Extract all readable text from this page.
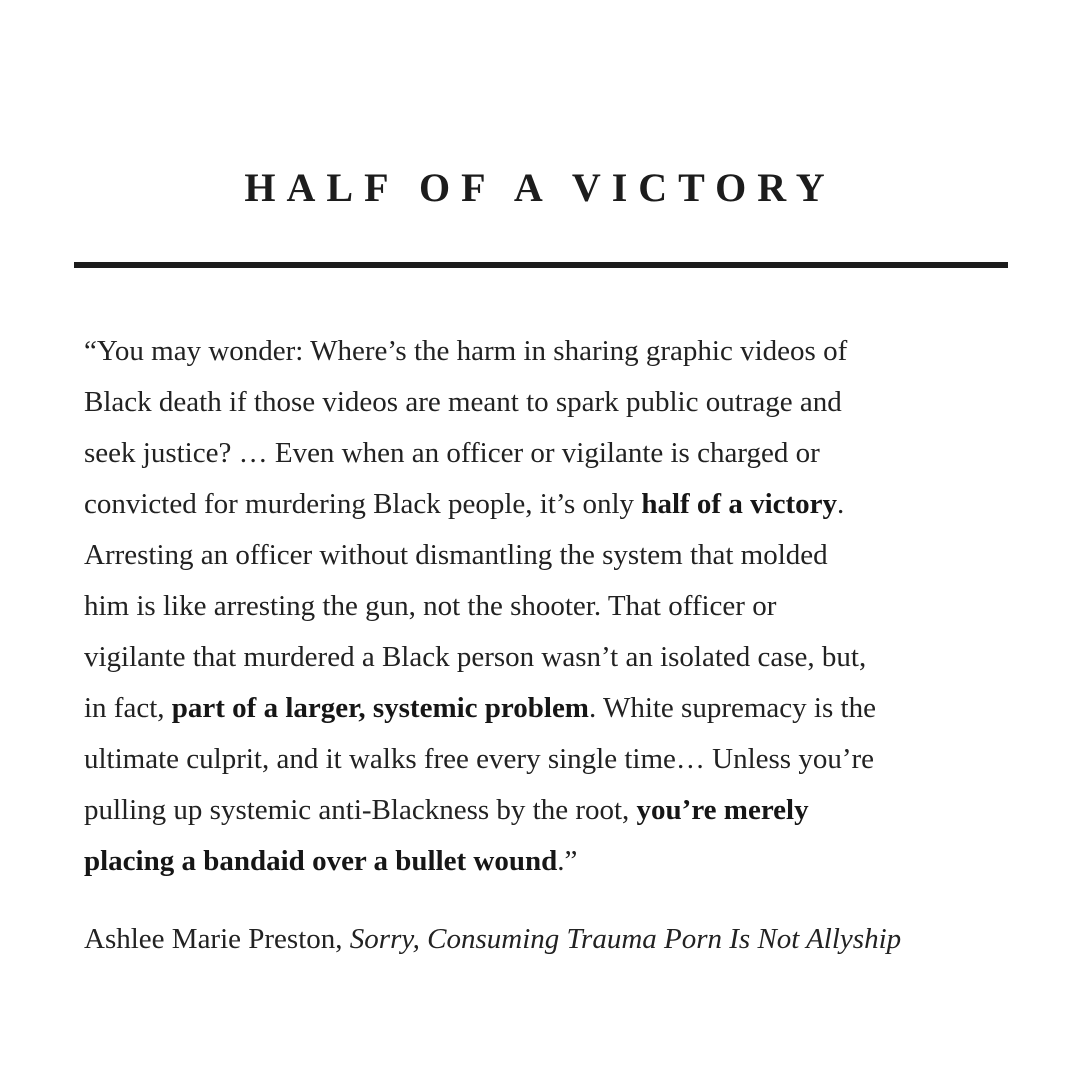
HALF OF A VICTORY
“You may wonder: Where’s the harm in sharing graphic videos of
Black death if those videos are meant to spark public outrage and
seek justice? … Even when an officer or vigilante is charged or
convicted for murdering Black people, it’s only half of a victory.
Arresting an officer without dismantling the system that molded
him is like arresting the gun, not the shooter. That officer or
vigilante that murdered a Black person wasn’t an isolated case, but,
in fact, part of a larger, systemic problem. White supremacy is the
ultimate culprit, and it walks free every single time… Unless you’re
pulling up systemic anti-Blackness by the root, you’re merely
placing a bandaid over a bullet wound.”
Ashlee Marie Preston, Sorry, Consuming Trauma Porn Is Not Allyship
